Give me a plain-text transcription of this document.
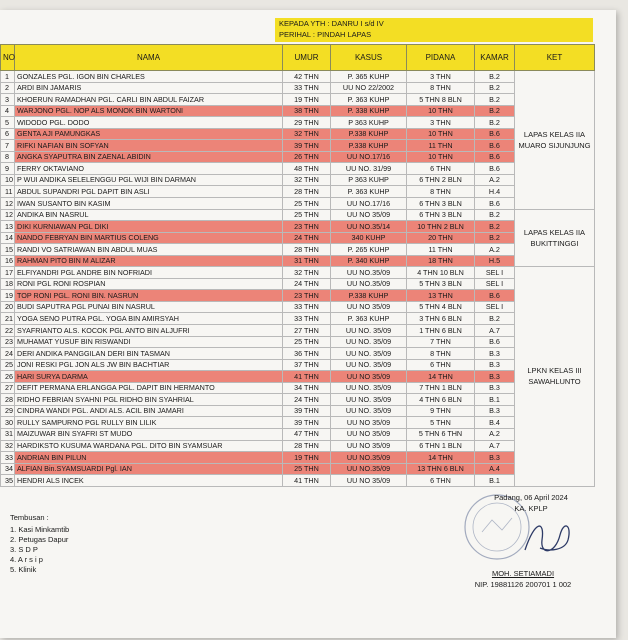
KEPADA YTH : DANRU I s/d IV
PERIHAL : PINDAH LAPAS
NO	NAMA	UMUR	KASUS	PIDANA	KAMAR	KET
1	GONZALES PGL. IGON BIN CHARLES	42 THN	P. 365 KUHP	3 THN	B.2	LAPAS KELAS IIA MUARO SIJUNJUNG
2	ARDI BIN JAMARIS	33 THN	UU NO 22/2002	8 THN	B.2	
3	KHOERUN RAMADHAN PGL. CARLI BIN ABDUL FAIZAR	19 THN	P. 363 KUHP	5 THN 8 BLN	B.2	
4	WARJONO PGL. NOP ALS MONOK BIN WARTONI	38 THN	P. 338 KUHP	10 THN	B.2	
5	WIDODO PGL. DODO	29 THN	P 363 KUHP	3 THN	B.2	
6	GENTA AJI PAMUNGKAS	32 THN	P.338 KUHP	10 THN	B.6	
7	RIFKI NAFIAN BIN SOFYAN	39 THN	P.338 KUHP	11 THN	B.6	
8	ANGKA SYAPUTRA BIN ZAENAL ABIDIN	26 THN	UU NO.17/16	10 THN	B.6	
9	FERRY OKTAVIANO	48 THN	UU NO. 31/99	6 THN	B.6	
10	P WUI ANDIKA SELELENGGU PGL WIJI BIN DARMAN	32 THN	P 363 KUHP	6 THN 2 BLN	A.2	
11	ABDUL SUPANDRI PGL DAPIT BIN ASLI	28 THN	P. 363 KUHP	8 THN	H.4	
12	IWAN SUSANTO BIN KASIM	25 THN	UU NO.17/16	6 THN 3 BLN	B.6	
12	ANDIKA BIN NASRUL	25 THN	UU NO 35/09	6 THN 3 BLN	B.2	LAPAS KELAS IIA BUKITTINGGI
13	DIKI KURNIAWAN PGL DIKI	23 THN	UU NO.35/14	10 THN 2 BLN	B.2	
14	NANDO FEBRYAN BIN MARTIUS COLENG	24 THN	340 KUHP	20 THN	B.2	
15	RANDI VO SATRIAWAN BIN ABDUL MUAS	28 THN	P. 265 KUHP	11 THN	A.2	
16	RAHMAN PITO BIN M ALIZAR	31 THN	P. 340 KUHP	18 THN	H.5	
17	ELFIYANDRI PGL ANDRE BIN NOFRIADI	32 THN	UU NO.35/09	4 THN 10 BLN	SEL I	LPKN KELAS III SAWAHLUNTO
18	RONI PGL RONI ROSPIAN	24 THN	UU NO.35/09	5 THN 3 BLN	SEL I	
19	TOP RONI PGL. RONI BIN. NASRUN	23 THN	P.338 KUHP	13 THN	B.6	
20	BUDI SAPUTRA PGL PUNAI BIN NASRUL	33 THN	UU NO 35/09	5 THN 4 BLN	SEL I	
21	YOGA SENO PUTRA PGL. YOGA BIN AMIRSYAH	33 THN	P. 363 KUHP	3 THN 6 BLN	B.2	
22	SYAFRIANTO ALS. KOCOK PGL ANTO BIN ALJUFRI	27 THN	UU NO. 35/09	1 THN 6 BLN	A.7	
23	MUHAMAT YUSUF BIN RISWANDI	25 THN	UU NO. 35/09	7 THN	B.6	
24	DERI ANDIKA PANGGILAN DERI BIN TASMAN	36 THN	UU NO. 35/09	8 THN	B.3	
25	JONI RESKI PGL JON ALS JW BIN BACHTIAR	37 THN	UU NO. 35/09	6 THN	B.3	
26	HARI SURYA DARMA	41 THN	UU NO 35/09	14 THN	B.3	
27	DEFIT PERMANA ERLANGGA PGL. DAPIT BIN HERMANTO	34 THN	UU NO. 35/09	7 THN 1 BLN	B.3	
28	RIDHO FEBRIAN SYAHNI PGL RIDHO BIN SYAHRIAL	24 THN	UU NO. 35/09	4 THN 6 BLN	B.1	
29	CINDRA WANDI PGL. ANDI ALS. ACIL BIN JAMARI	39 THN	UU NO. 35/09	9 THN	B.3	
30	RULLY SAMPURNO PGL RULLY BIN LILIK	39 THN	UU NO 35/09	5 THN	B.4	
31	MAIZUWAR BIN SYAFRI ST MUDO	47 THN	UU NO 35/09	5 THN 6 THN	A.2	
32	HARDIKSTO KUSUMA WARDANA PGL. DITO BIN SYAMSUAR	28 THN	UU NO 35/09	6 THN 1 BLN	A.7	
33	ANDRIAN BIN PILUN	19 THN	UU NO.35/09	14 THN	B.3	
34	ALFIAN Bin.SYAMSUARDI Pgl. IAN	25 THN	UU NO.35/09	13 THN 6 BLN	A.4	
35	HENDRI ALS INCEK	41 THN	UU NO 35/09	6 THN	B.1	
Padang, 06 April 2024
KA. KPLP
MOH. SETIAMADI
NIP. 19881126 200701 1 002
Tembusan :
1. Kasi Minkamtib
2. Petugas Dapur
3. S D P
4. A r s i p
5. Klinik
